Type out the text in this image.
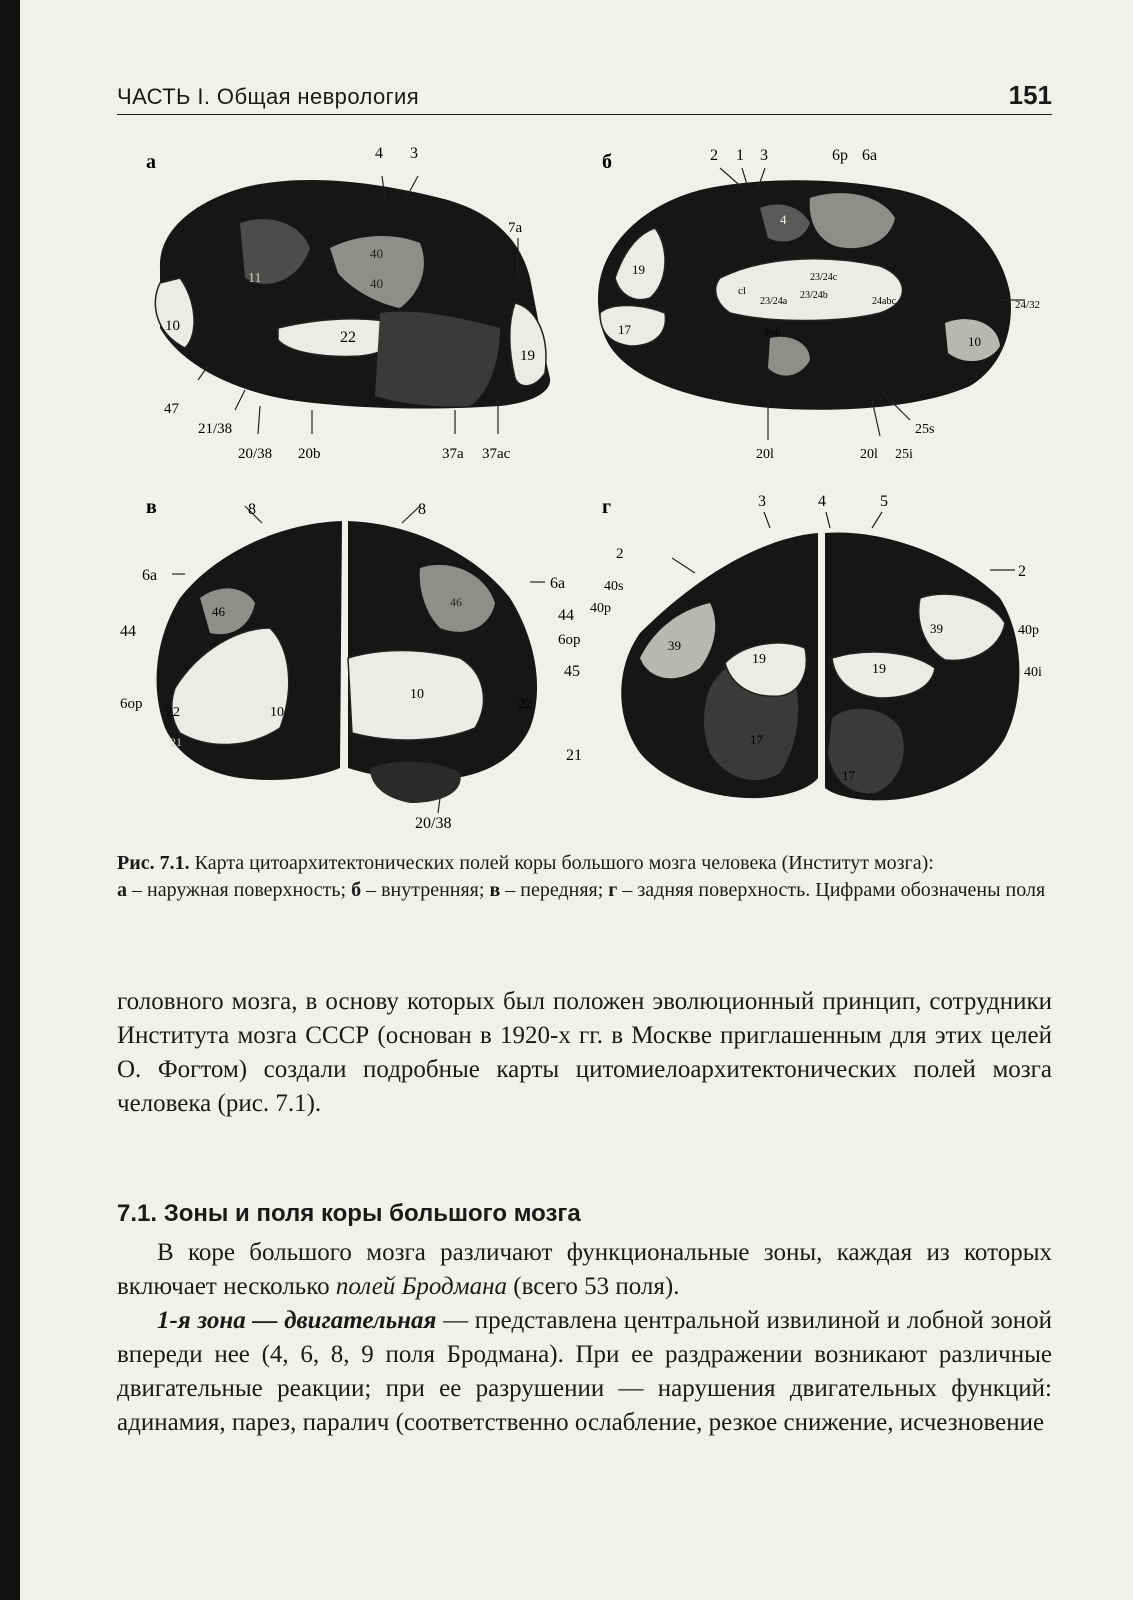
ЧАСТЬ I. Общая неврология	151
а	4 3
7a
10
22
19
47
21/38
20/38 20b	37a 37ac
11
40
40
б	2 1 3	6p 6a
4
19
17
24/32
10
25s
20l	20l 25i
23/24c
23/24a
23/24b
24abc
cl
Psb
в	8	8
6a	6a
44
44
6op
6op
45
22
22
21
20/38
46
10
10
21
46
г	3	4	5
2
2
40s
40p
40p
40i
19
19
17
17
39
39
Рис. 7.1. Карта цитоархитектонических полей коры большого мозга человека (Институт мозга):
а – наружная поверхность; б – внутренняя; в – передняя; г – задняя поверхность. Цифрами обозначены поля
головного мозга, в основу которых был положен эволюционный принцип, сотрудники Института мозга СССР (основан в 1920-х гг. в Москве приглашенным для этих целей О. Фогтом) создали подробные карты цитомиелоархитектонических полей мозга человека (рис. 7.1).
7.1. Зоны и поля коры большого мозга
В коре большого мозга различают функциональные зоны, каждая из которых включает несколько полей Бродмана (всего 53 поля).
1-я зона — двигательная — представлена центральной извилиной и лобной зоной впереди нее (4, 6, 8, 9 поля Бродмана). При ее раздражении возникают различные двигательные реакции; при ее разрушении — нарушения двигательных функций: адинамия, парез, паралич (соответственно ослабление, резкое снижение, исчезновение
